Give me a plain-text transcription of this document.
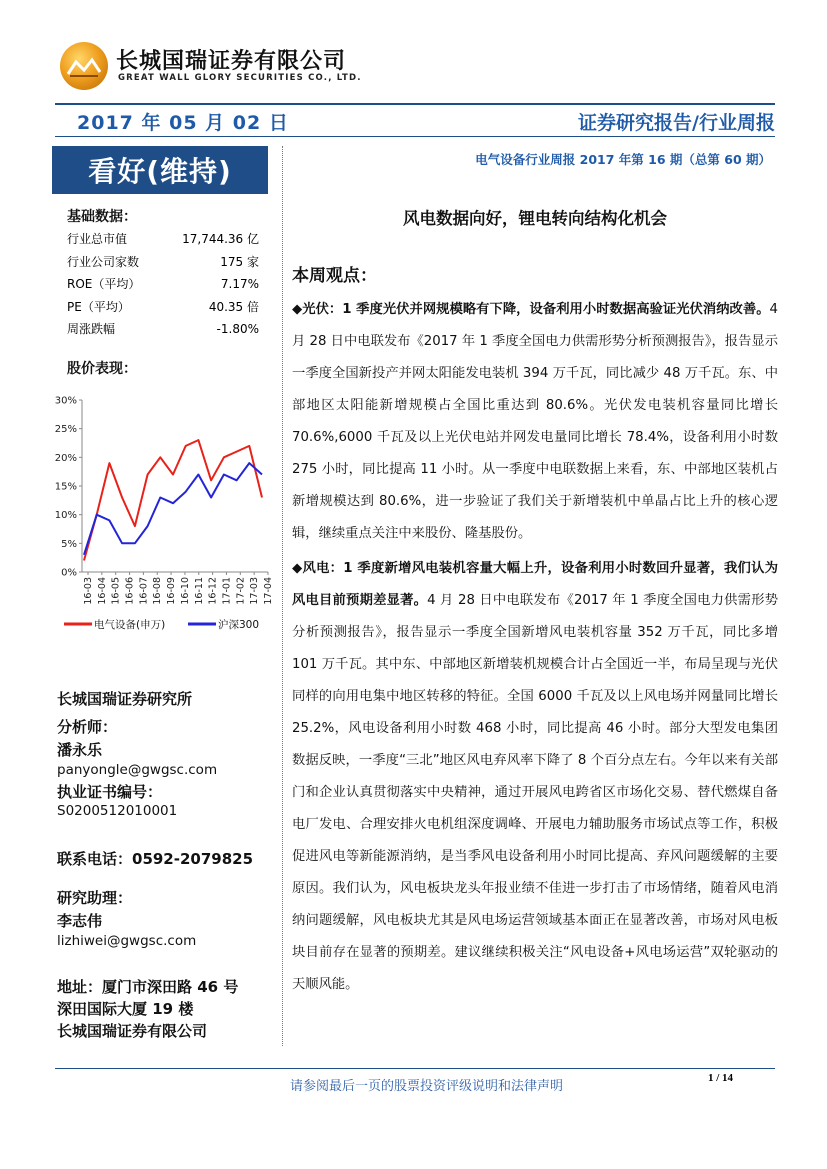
长城国瑞证券有限公司
GREAT WALL GLORY SECURITIES CO., LTD.
2017 年 05 月 02 日	证券研究报告/行业周报
看好(维持)	电气设备行业周报 2017 年第 16 期（总第 60 期）
基础数据：
行业总市值	17,744.36 亿
行业公司家数	175 家
ROE（平均）	7.17%
PE（平均）	40.35 倍
周涨跌幅	-1.80%
股价表现：
0%
5%
10%
15%
20%
25%
30%
16-03 16-04 16-05 16-06 16-07 16-08 16-09 16-10 16-11 16-12 17-01 17-02 17-03 17-04
电气设备(申万)	沪深300
长城国瑞证券研究所
分析师：
潘永乐
panyongle@gwgsc.com
执业证书编号：
S0200512010001
联系电话：0592-2079825
研究助理：
李志伟
lizhiwei@gwgsc.com
地址：厦门市深田路 46 号
深田国际大厦 19 楼
长城国瑞证券有限公司
风电数据向好，锂电转向结构化机会
本周观点：
◆光伏：1 季度光伏并网规模略有下降，设备利用小时数据高验证光伏消纳改善。4 月 28 日中电联发布《2017 年 1 季度全国电力供需形势分析预测报告》，报告显示一季度全国新投产并网太阳能发电装机 394 万千瓦，同比减少 48 万千瓦。东、中部地区太阳能新增规模占全国比重达到 80.6%。光伏发电装机容量同比增长 70.6%,6000 千瓦及以上光伏电站并网发电量同比增长 78.4%，设备利用小时数 275 小时，同比提高 11 小时。从一季度中电联数据上来看，东、中部地区装机占新增规模达到 80.6%，进一步验证了我们关于新增装机中单晶占比上升的核心逻辑，继续重点关注中来股份、隆基股份。
◆风电：1 季度新增风电装机容量大幅上升，设备利用小时数回升显著，我们认为风电目前预期差显著。4 月 28 日中电联发布《2017 年 1 季度全国电力供需形势分析预测报告》，报告显示一季度全国新增风电装机容量 352 万千瓦，同比多增 101 万千瓦。其中东、中部地区新增装机规模合计占全国近一半，布局呈现与光伏同样的向用电集中地区转移的特征。全国 6000 千瓦及以上风电场并网量同比增长 25.2%，风电设备利用小时数 468 小时，同比提高 46 小时。部分大型发电集团数据反映，一季度“三北”地区风电弃风率下降了 8 个百分点左右。今年以来有关部门和企业认真贯彻落实中央精神，通过开展风电跨省区市场化交易、替代燃煤自备电厂发电、合理安排火电机组深度调峰、开展电力辅助服务市场试点等工作，积极促进风电等新能源消纳，是当季风电设备利用小时同比提高、弃风问题缓解的主要原因。我们认为，风电板块龙头年报业绩不佳进一步打击了市场情绪，随着风电消纳问题缓解，风电板块尤其是风电场运营领域基本面正在显著改善，市场对风电板块目前存在显著的预期差。建议继续积极关注“风电设备+风电场运营”双轮驱动的天顺风能。
请参阅最后一页的股票投资评级说明和法律声明
1 / 14
